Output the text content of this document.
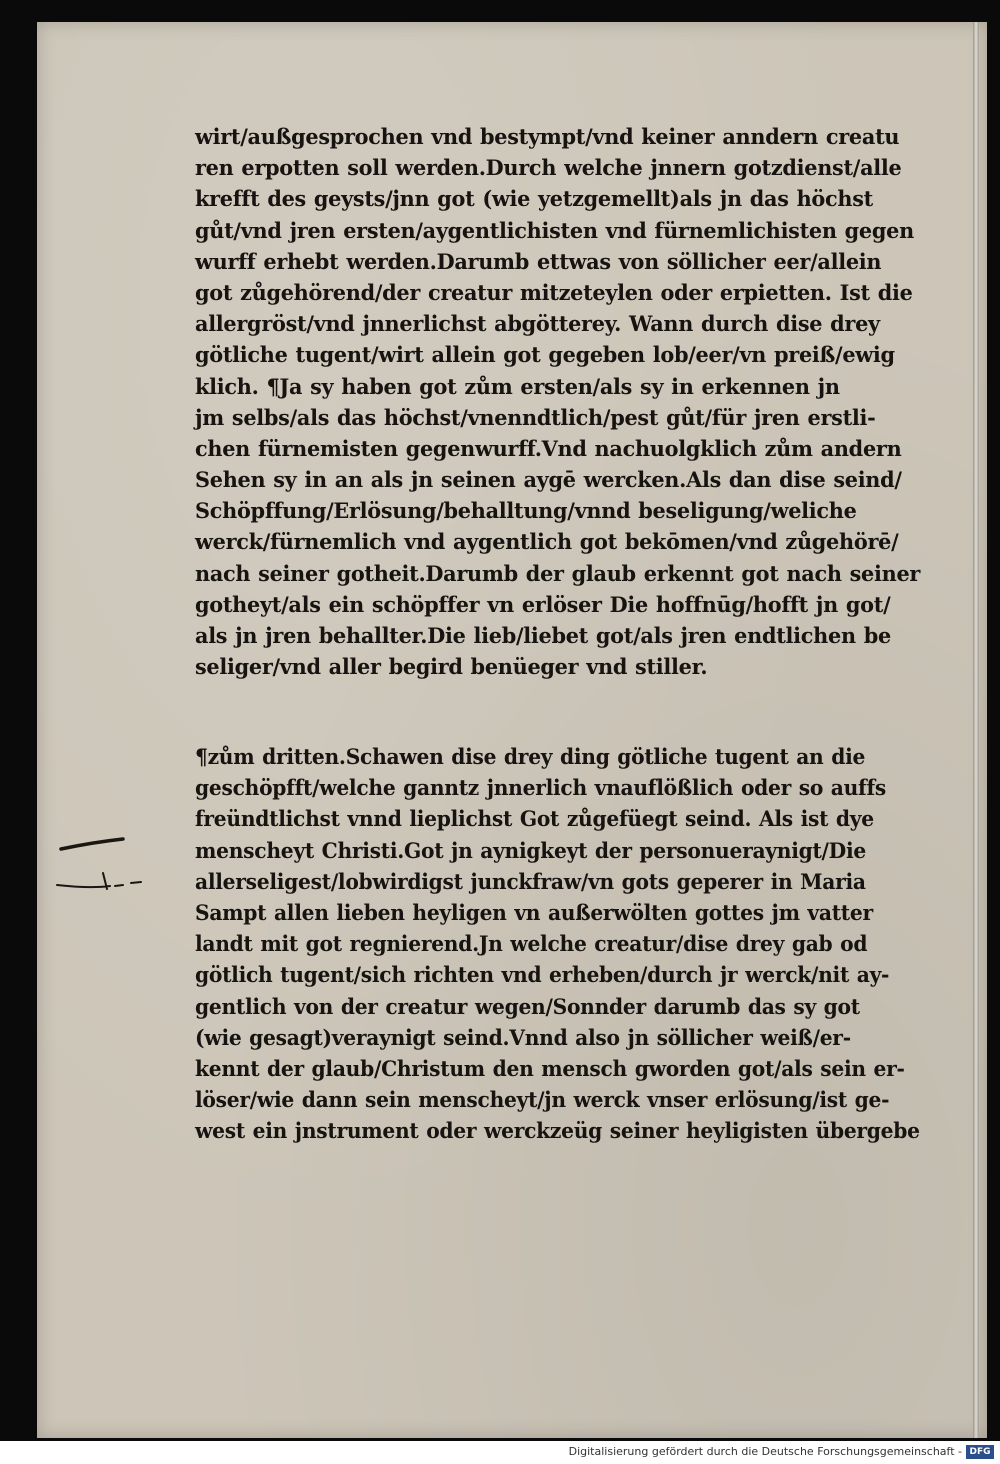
wirt/außgesprochen vnd bestympt/vnd keiner anndern creatu
ren erpotten soll werden.Durch welche jnnern gotzdienst/alle
krefft des geysts/jnn got (wie yetzgemellt)als jn das höchst
gůt/vnd jren ersten/aygentlichisten vnd fürnemlichisten gegen
wurff erhebt werden.Darumb ettwas von söllicher eer/allein
got zůgehörend/der creatur mitzeteylen oder erpietten. Ist die
allergröst/vnd jnnerlichst abgötterey. Wann durch dise drey
götliche tugent/wirt allein got gegeben lob/eer/vn preiß/ewig
klich. ¶Ja sy haben got zům ersten/als sy in erkennen jn
jm selbs/als das höchst/vnenndtlich/pest gůt/für jren erstli-
chen fürnemisten gegenwurff.Vnd nachuolgklich zům andern
Sehen sy in an als jn seinen aygē wercken.Als dan dise seind/
Schöpffung/Erlösung/behalltung/vnnd beseligung/weliche
werck/fürnemlich vnd aygentlich got bekōmen/vnd zůgehörē/
nach seiner gotheit.Darumb der glaub erkennt got nach seiner
gotheyt/als ein schöpffer vn erlöser Die hoffnūg/hofft jn got/
als jn jren behallter.Die lieb/liebet got/als jren endtlichen be
seliger/vnd aller begird benüeger vnd stiller.
¶zům dritten.Schawen dise drey ding götliche tugent an die
geschöpfft/welche ganntz jnnerlich vnauflößlich oder so auffs
freündtlichst vnnd lieplichst Got zůgefüegt seind. Als ist dye
menscheyt Christi.Got jn aynigkeyt der personueraynigt/Die
allerseligest/lobwirdigst junckfraw/vn gots geperer in Maria
Sampt allen lieben heyligen vn außerwölten gottes jm vatter
landt mit got regnierend.Jn welche creatur/dise drey gab od
götlich tugent/sich richten vnd erheben/durch jr werck/nit ay-
gentlich von der creatur wegen/Sonnder darumb das sy got
(wie gesagt)veraynigt seind.Vnnd also jn söllicher weiß/er-
kennt der glaub/Christum den mensch gworden got/als sein er-
löser/wie dann sein menscheyt/jn werck vnser erlösung/ist ge-
west ein jnstrument oder werckzeüg seiner heyligisten übergebe
Digitalisierung gefördert durch die Deutsche Forschungsgemeinschaft - DFG
